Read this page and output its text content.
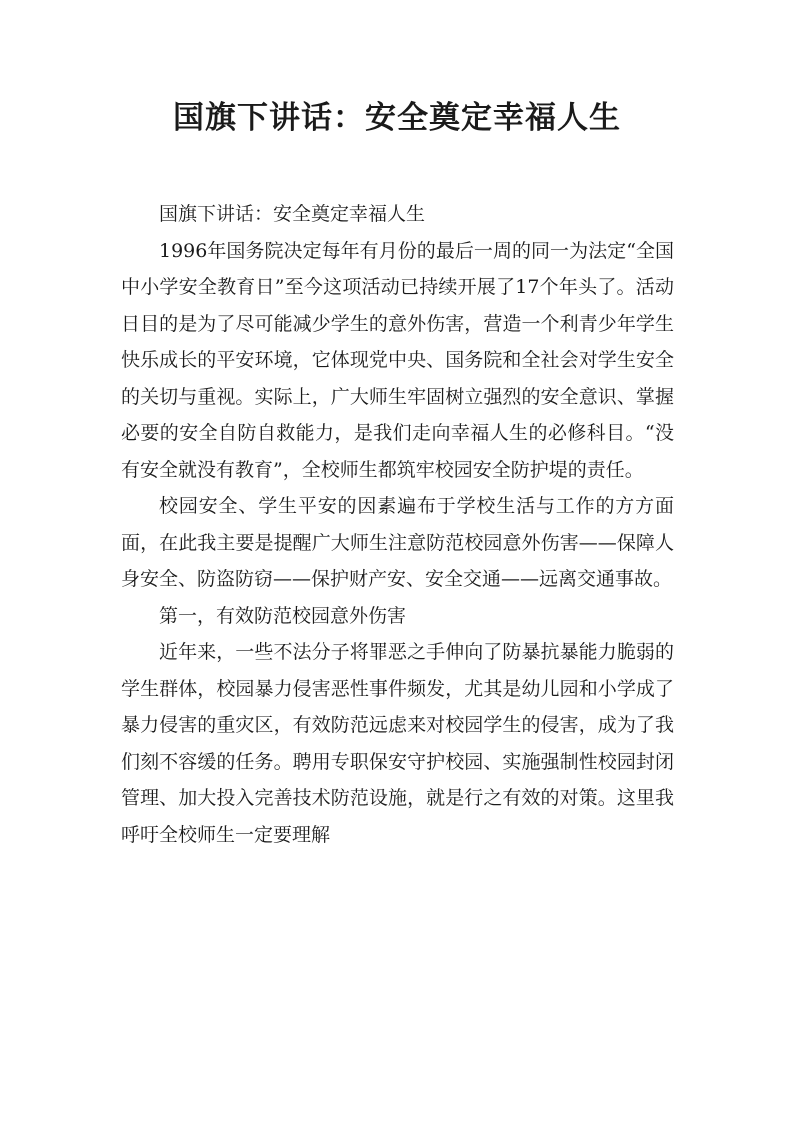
国旗下讲话：安全奠定幸福人生

国旗下讲话：安全奠定幸福人生

1996年国务院决定每年有月份的最后一周的同一为法定“全国中小学安全教育日”至今这项活动已持续开展了17个年头了。活动日目的是为了尽可能减少学生的意外伤害，营造一个利青少年学生快乐成长的平安环境，它体现党中央、国务院和全社会对学生安全的关切与重视。实际上，广大师生牢固树立强烈的安全意识、掌握必要的安全自防自救能力，是我们走向幸福人生的必修科目。“没有安全就没有教育”，全校师生都筑牢校园安全防护堤的责任。

校园安全、学生平安的因素遍布于学校生活与工作的方方面面，在此我主要是提醒广大师生注意防范校园意外伤害——保障人身安全、防盗防窃——保护财产安、安全交通——远离交通事故。

第一，有效防范校园意外伤害

近年来，一些不法分子将罪恶之手伸向了防暴抗暴能力脆弱的学生群体，校园暴力侵害恶性事件频发，尤其是幼儿园和小学成了暴力侵害的重灾区，有效防范远虑来对校园学生的侵害，成为了我们刻不容缓的任务。聘用专职保安守护校园、实施强制性校园封闭管理、加大投入完善技术防范设施，就是行之有效的对策。这里我呼吁全校师生一定要理解
